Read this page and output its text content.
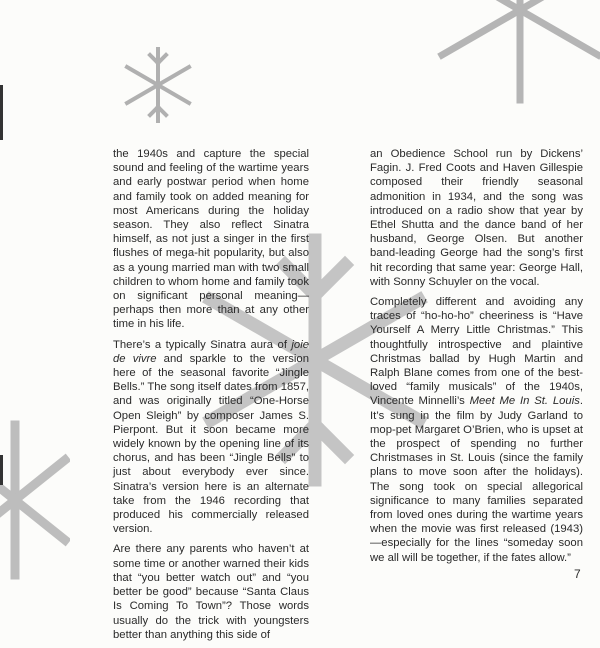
the 1940s and capture the special sound and feeling of the wartime years and early postwar period when home and family took on added meaning for most Americans during the holiday season. They also reflect Sinatra himself, as not just a singer in the first flushes of mega-hit popularity, but also as a young married man with two small children to whom home and family took on significant personal meaning—perhaps then more than at any other time in his life.

There’s a typically Sinatra aura of joie de vivre and sparkle to the version here of the seasonal favorite “Jingle Bells.” The song itself dates from 1857, and was originally titled “One-Horse Open Sleigh” by composer James S. Pierpont. But it soon became more widely known by the opening line of its chorus, and has been “Jingle Bells” to just about everybody ever since. Sinatra’s version here is an alternate take from the 1946 recording that produced his commercially released version.

Are there any parents who haven’t at some time or another warned their kids that “you better watch out” and “you better be good” because “Santa Claus Is Coming To Town”? Those words usually do the trick with youngsters better than anything this side of

an Obedience School run by Dickens’ Fagin. J. Fred Coots and Haven Gillespie composed their friendly seasonal admonition in 1934, and the song was introduced on a radio show that year by Ethel Shutta and the dance band of her husband, George Olsen. But another band-leading George had the song’s first hit recording that same year: George Hall, with Sonny Schuyler on the vocal.

Completely different and avoiding any traces of “ho-ho-ho” cheeriness is “Have Yourself A Merry Little Christmas.” This thoughtfully introspective and plaintive Christmas ballad by Hugh Martin and Ralph Blane comes from one of the best-loved “family musicals” of the 1940s, Vincente Minnelli’s Meet Me In St. Louis. It’s sung in the film by Judy Garland to mop-pet Margaret O’Brien, who is upset at the prospect of spending no further Christmases in St. Louis (since the family plans to move soon after the holidays). The song took on special allegorical significance to many families separated from loved ones during the wartime years when the movie was first released (1943)—especially for the lines “someday soon we all will be together, if the fates allow.”

7
